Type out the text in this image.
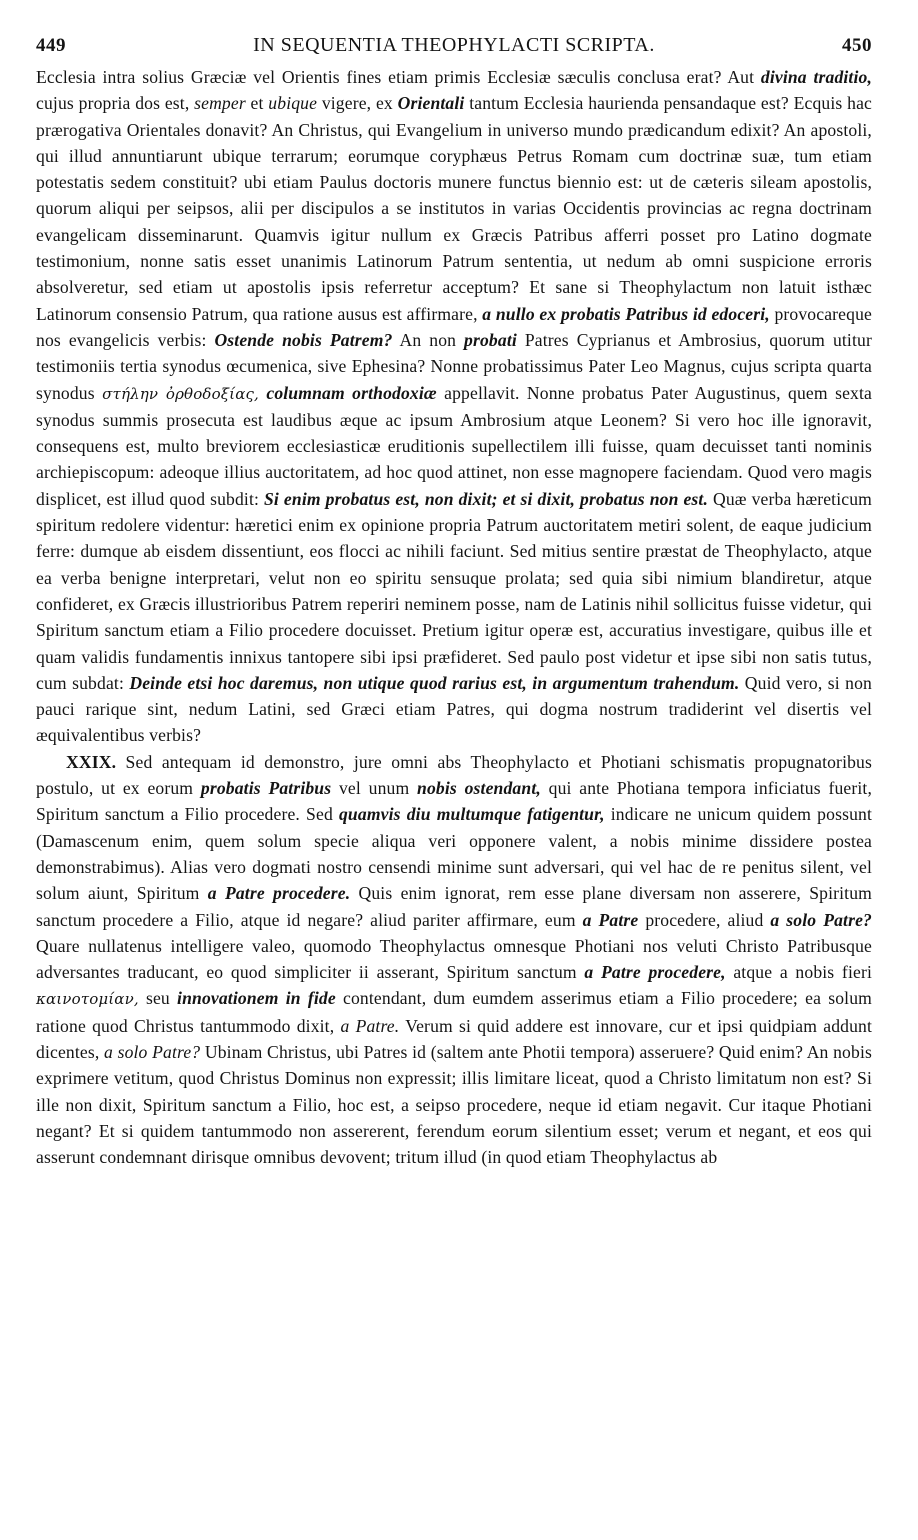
449	IN SEQUENTIA THEOPHYLACTI SCRIPTA.	450

Ecclesia intra solius Græciæ vel Orientis fines etiam primis Ecclesiæ sæculis conclusa erat? Aut divina traditio, cujus propria dos est, semper et ubique vigere, ex Orientali tantum Ecclesia haurienda pensandaque est? Ecquis hac prærogativa Orientales donavit? An Christus, qui Evangelium in universo mundo prædicandum edixit? An apostoli, qui illud annuntiarunt ubique terrarum; eorumque coryphæus Petrus Romam cum doctrinæ suæ, tum etiam potestatis sedem constituit? ubi etiam Paulus doctoris munere functus biennio est: ut de cæteris sileam apostolis, quorum aliqui per seipsos, alii per discipulos a se institutos in varias Occidentis provincias ac regna doctrinam evangelicam disseminarunt. Quamvis igitur nullum ex Græcis Patribus afferri posset pro Latino dogmate testimonium, nonne satis esset unanimis Latinorum Patrum sententia, ut nedum ab omni suspicione erroris absolveretur, sed etiam ut apostolis ipsis referretur acceptum? Et sane si Theophylactum non latuit isthæc Latinorum consensio Patrum, qua ratione ausus est affirmare, a nullo ex probatis Patribus id edoceri, provocareque nos evangelicis verbis: Ostende nobis Patrem? An non probati Patres Cyprianus et Ambrosius, quorum utitur testimoniis tertia synodus œcumenica, sive Ephesina? Nonne probatissimus Pater Leo Magnus, cujus scripta quarta synodus στήλην ὀρθοδοξίας, columnam orthodoxiæ appellavit. Nonne probatus Pater Augustinus, quem sexta synodus summis prosecuta est laudibus æque ac ipsum Ambrosium atque Leonem? Si vero hoc ille ignoravit, consequens est, multo breviorem ecclesiasticæ eruditionis supellectilem illi fuisse, quam decuisset tanti nominis archiepiscopum: adeoque illius auctoritatem, ad hoc quod attinet, non esse magnopere faciendam. Quod vero magis displicet, est illud quod subdit: Si enim probatus est, non dixit; et si dixit, probatus non est. Quæ verba hæreticum spiritum redolere videntur: hæretici enim ex opinione propria Patrum auctoritatem metiri solent, de eaque judicium ferre: dumque ab eisdem dissentiunt, eos flocci ac nihili faciunt. Sed mitius sentire præstat de Theophylacto, atque ea verba benigne interpretari, velut non eo spiritu sensuque prolata; sed quia sibi nimium blandiretur, atque confideret, ex Græcis illustrioribus Patrem reperiri neminem posse, nam de Latinis nihil sollicitus fuisse videtur, qui Spiritum sanctum etiam a Filio procedere docuisset. Pretium igitur operæ est, accuratius investigare, quibus ille et quam validis fundamentis innixus tantopere sibi ipsi præfideret. Sed paulo post videtur et ipse sibi non satis tutus, cum subdat: Deinde etsi hoc daremus, non utique quod rarius est, in argumentum trahendum. Quid vero, si non pauci rarique sint, nedum Latini, sed Græci etiam Patres, qui dogma nostrum tradiderint vel disertis vel æquivalentibus verbis?

XXIX. Sed antequam id demonstro, jure omni abs Theophylacto et Photiani schismatis propugnatoribus postulo, ut ex eorum probatis Patribus vel unum nobis ostendant, qui ante Photiana tempora inficiatus fuerit, Spiritum sanctum a Filio procedere. Sed quamvis diu multumque fatigentur, indicare ne unicum quidem possunt (Damascenum enim, quem solum specie aliqua veri opponere valent, a nobis minime dissidere postea demonstrabimus). Alias vero dogmati nostro censendi minime sunt adversari, qui vel hac de re penitus silent, vel solum aiunt, Spiritum a Patre procedere. Quis enim ignorat, rem esse plane diversam non asserere, Spiritum sanctum procedere a Filio, atque id negare? aliud pariter affirmare, eum a Patre procedere, aliud a solo Patre? Quare nullatenus intelligere valeo, quomodo Theophylactus omnesque Photiani nos veluti Christo Patribusque adversantes traducant, eo quod simpliciter ii asserant, Spiritum sanctum a Patre procedere, atque a nobis fieri καινοτομίαν, seu innovationem in fide contendant, dum eumdem asserimus etiam a Filio procedere; ea solum ratione quod Christus tantummodo dixit, a Patre. Verum si quid addere est innovare, cur et ipsi quidpiam addunt dicentes, a solo Patre? Ubinam Christus, ubi Patres id (saltem ante Photii tempora) asseruere? Quid enim? An nobis exprimere vetitum, quod Christus Dominus non expressit; illis limitare liceat, quod a Christo limitatum non est? Si ille non dixit, Spiritum sanctum a Filio, hoc est, a seipso procedere, neque id etiam negavit. Cur itaque Photiani negant? Et si quidem tantummodo non assererent, ferendum eorum silentium esset; verum et negant, et eos qui asserunt condemnant dirisque omnibus devovent; tritum illud (in quod etiam Theophylactus ab
